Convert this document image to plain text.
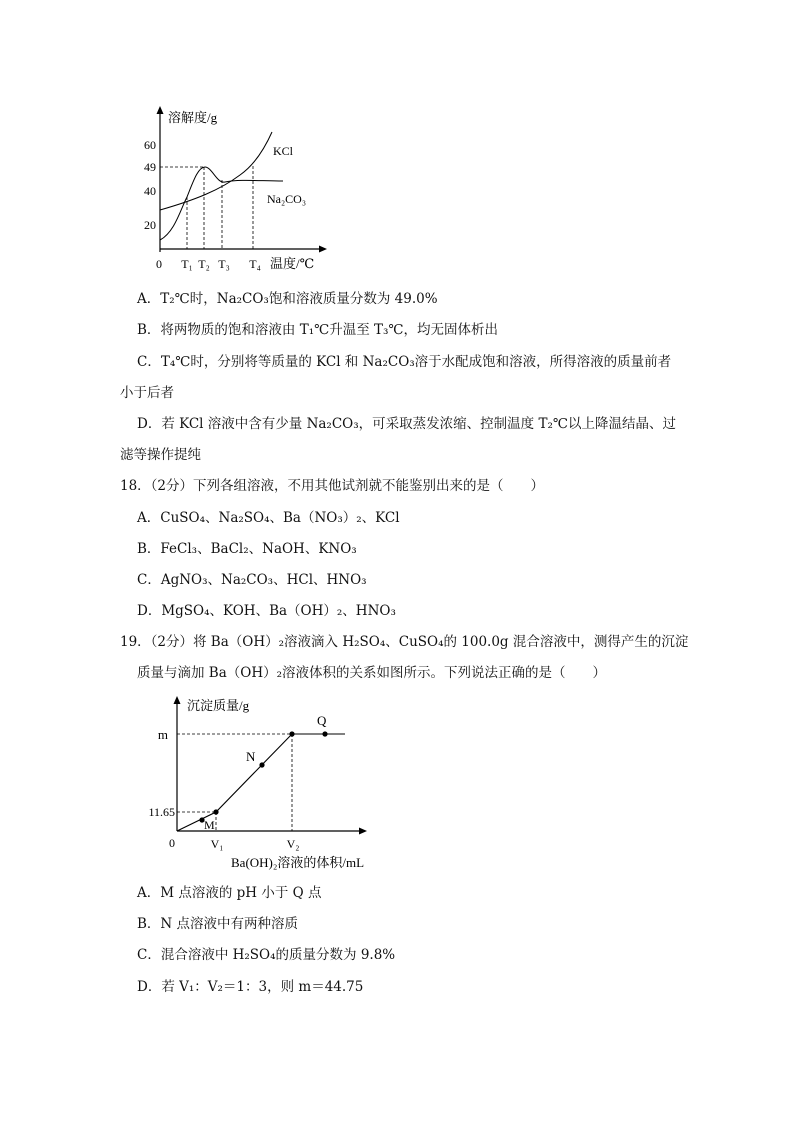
溶解度/g
60
49
40
20
0 T₁ T₂ T₃ T₄ 温度/℃
KCl
Na₂CO₃
A．T₂℃时，Na₂CO₃饱和溶液质量分数为 49.0%
B．将两物质的饱和溶液由 T₁℃升温至 T₃℃，均无固体析出
C．T₄℃时，分别将等质量的 KCl 和 Na₂CO₃溶于水配成饱和溶液，所得溶液的质量前者
小于后者
D．若 KCl 溶液中含有少量 Na₂CO₃，可采取蒸发浓缩、控制温度 T₂℃以上降温结晶、过
滤等操作提纯
18．（2分）下列各组溶液，不用其他试剂就不能鉴别出来的是（　　）
A．CuSO₄、Na₂SO₄、Ba（NO₃）₂、KCl
B．FeCl₃、BaCl₂、NaOH、KNO₃
C．AgNO₃、Na₂CO₃、HCl、HNO₃
D．MgSO₄、KOH、Ba（OH）₂、HNO₃
19．（2分）将 Ba（OH）₂溶液滴入 H₂SO₄、CuSO₄的 100.0g 混合溶液中，测得产生的沉淀
质量与滴加 Ba（OH）₂溶液体积的关系如图所示。下列说法正确的是（　　）
沉淀质量/g
m
11.65
0	V₁	V₂
Ba(OH)₂溶液的体积/mL
M
N
Q
A．M 点溶液的 pH 小于 Q 点
B．N 点溶液中有两种溶质
C．混合溶液中 H₂SO₄的质量分数为 9.8%
D．若 V₁：V₂＝1：3，则 m＝44.75
